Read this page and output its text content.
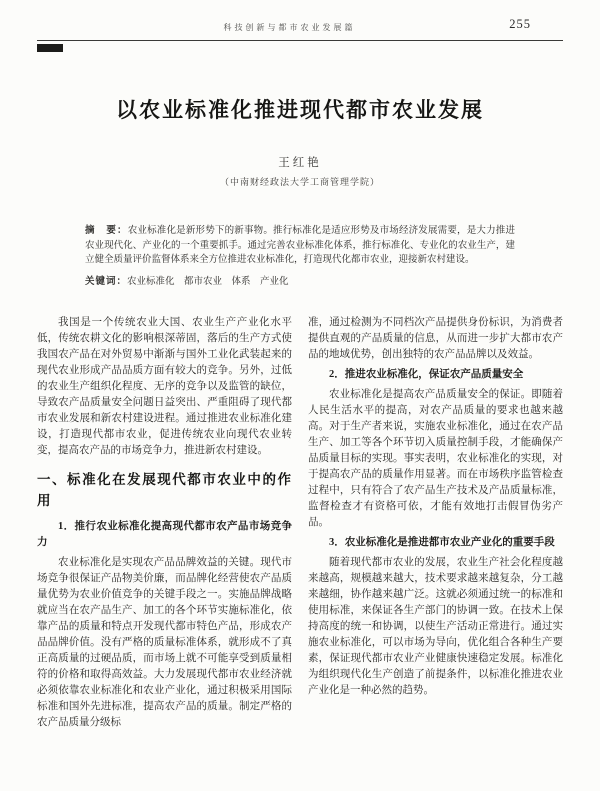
科技创新与都市农业发展篇	255
以农业标准化推进现代都市农业发展
王红艳
（中南财经政法大学工商管理学院）

摘　要：农业标准化是新形势下的新事物。推行标准化是适应形势及市场经济发展需要，是大力推进农业现代化、产业化的一个重要抓手。通过完善农业标准化体系，推行标准化、专业化的农业生产，建立健全质量评价监督体系来全方位推进农业标准化，打造现代化都市农业，迎接新农村建设。

关键词：农业标准化　都市农业　体系　产业化

我国是一个传统农业大国、农业生产产业化水平低，传统农耕文化的影响根深蒂固，落后的生产方式使我国农产品在对外贸易中渐渐与国外工业化武装起来的现代农业形成产品品质方面有较大的竞争。另外，过低的农业生产组织化程度、无序的竞争以及监管的缺位，导致农产品质量安全问题日益突出、严重阻碍了现代都市农业发展和新农村建设进程。通过推进农业标准化建设，打造现代都市农业，促进传统农业向现代农业转变，提高农产品的市场竞争力，推进新农村建设。

一、标准化在发展现代都市农业中的作用

1．推行农业标准化提高现代都市农产品市场竞争力

农业标准化是实现农产品品牌效益的关键。现代市场竞争很保证产品物美价廉，而品牌化经营使农产品质量优势为农业价值竞争的关键手段之一。实施品牌战略就应当在农产品生产、加工的各个环节实施标准化，依靠产品的质量和特点开发现代都市特色产品，形成农产品品牌价值。没有严格的质量标准体系，就形成不了真正高质量的过硬品质，而市场上就不可能享受到质量相符的价格和取得高效益。大力发展现代都市农业经济就必须依靠农业标准化和农业产业化，通过积极采用国际标准和国外先进标准，提高农产品的质量。制定严格的农产品质量分级标

准，通过检测为不同档次产品提供身份标识，为消费者提供直观的产品质量的信息，从而进一步扩大都市农产品的地域优势，创出独特的农产品品牌以及效益。

2．推进农业标准化，保证农产品质量安全

农业标准化是提高农产品质量安全的保证。即随着人民生活水平的提高，对农产品质量的要求也越来越高。对于生产者来说，实施农业标准化，通过在农产品生产、加工等各个环节切入质量控制手段，才能确保产品质量目标的实现。事实表明，农业标准化的实现，对于提高农产品的质量作用显著。而在市场秩序监管检查过程中，只有符合了农产品生产技术及产品质量标准，监督检查才有资格可依，才能有效地打击假冒伪劣产品。

3．农业标准化是推进都市农业产业化的重要手段

随着现代都市农业的发展，农业生产社会化程度越来越高，规模越来越大，技术要求越来越复杂，分工越来越细，协作越来越广泛。这就必须通过统一的标准和使用标准，来保证各生产部门的协调一致。在技术上保持高度的统一和协调，以使生产活动正常进行。通过实施农业标准化，可以市场为导向，优化组合各种生产要素，保证现代都市农业产业健康快速稳定发展。标准化为组织现代化生产创造了前提条件，以标准化推进农业产业化是一种必然的趋势。
